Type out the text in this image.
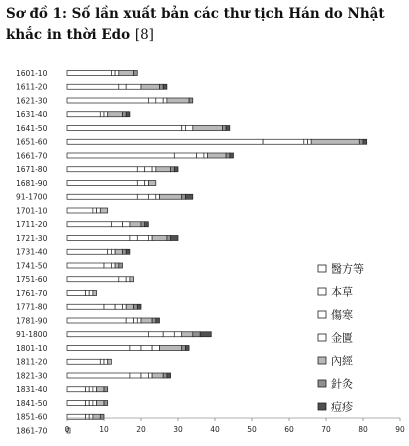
Sơ đồ 1: Số lần xuất bản các thư tịch Hán do Nhật khắc in thời Edo [8]
1601-10
1611-20
1621-30
1631-40
1641-50
1651-60
1661-70
1671-80
1681-90
91-1700
1701-10
1711-20
1721-30
1731-40
1741-50
1751-60
1761-70
1771-80
1781-90
91-1800
1801-10
1811-20
1821-30
1831-40
1841-50
1851-60
1861-70 0	10	20	30	40	50	60	70	80	90
醫方等
本草
傷寒
金匱
內經
針灸
痘疹
